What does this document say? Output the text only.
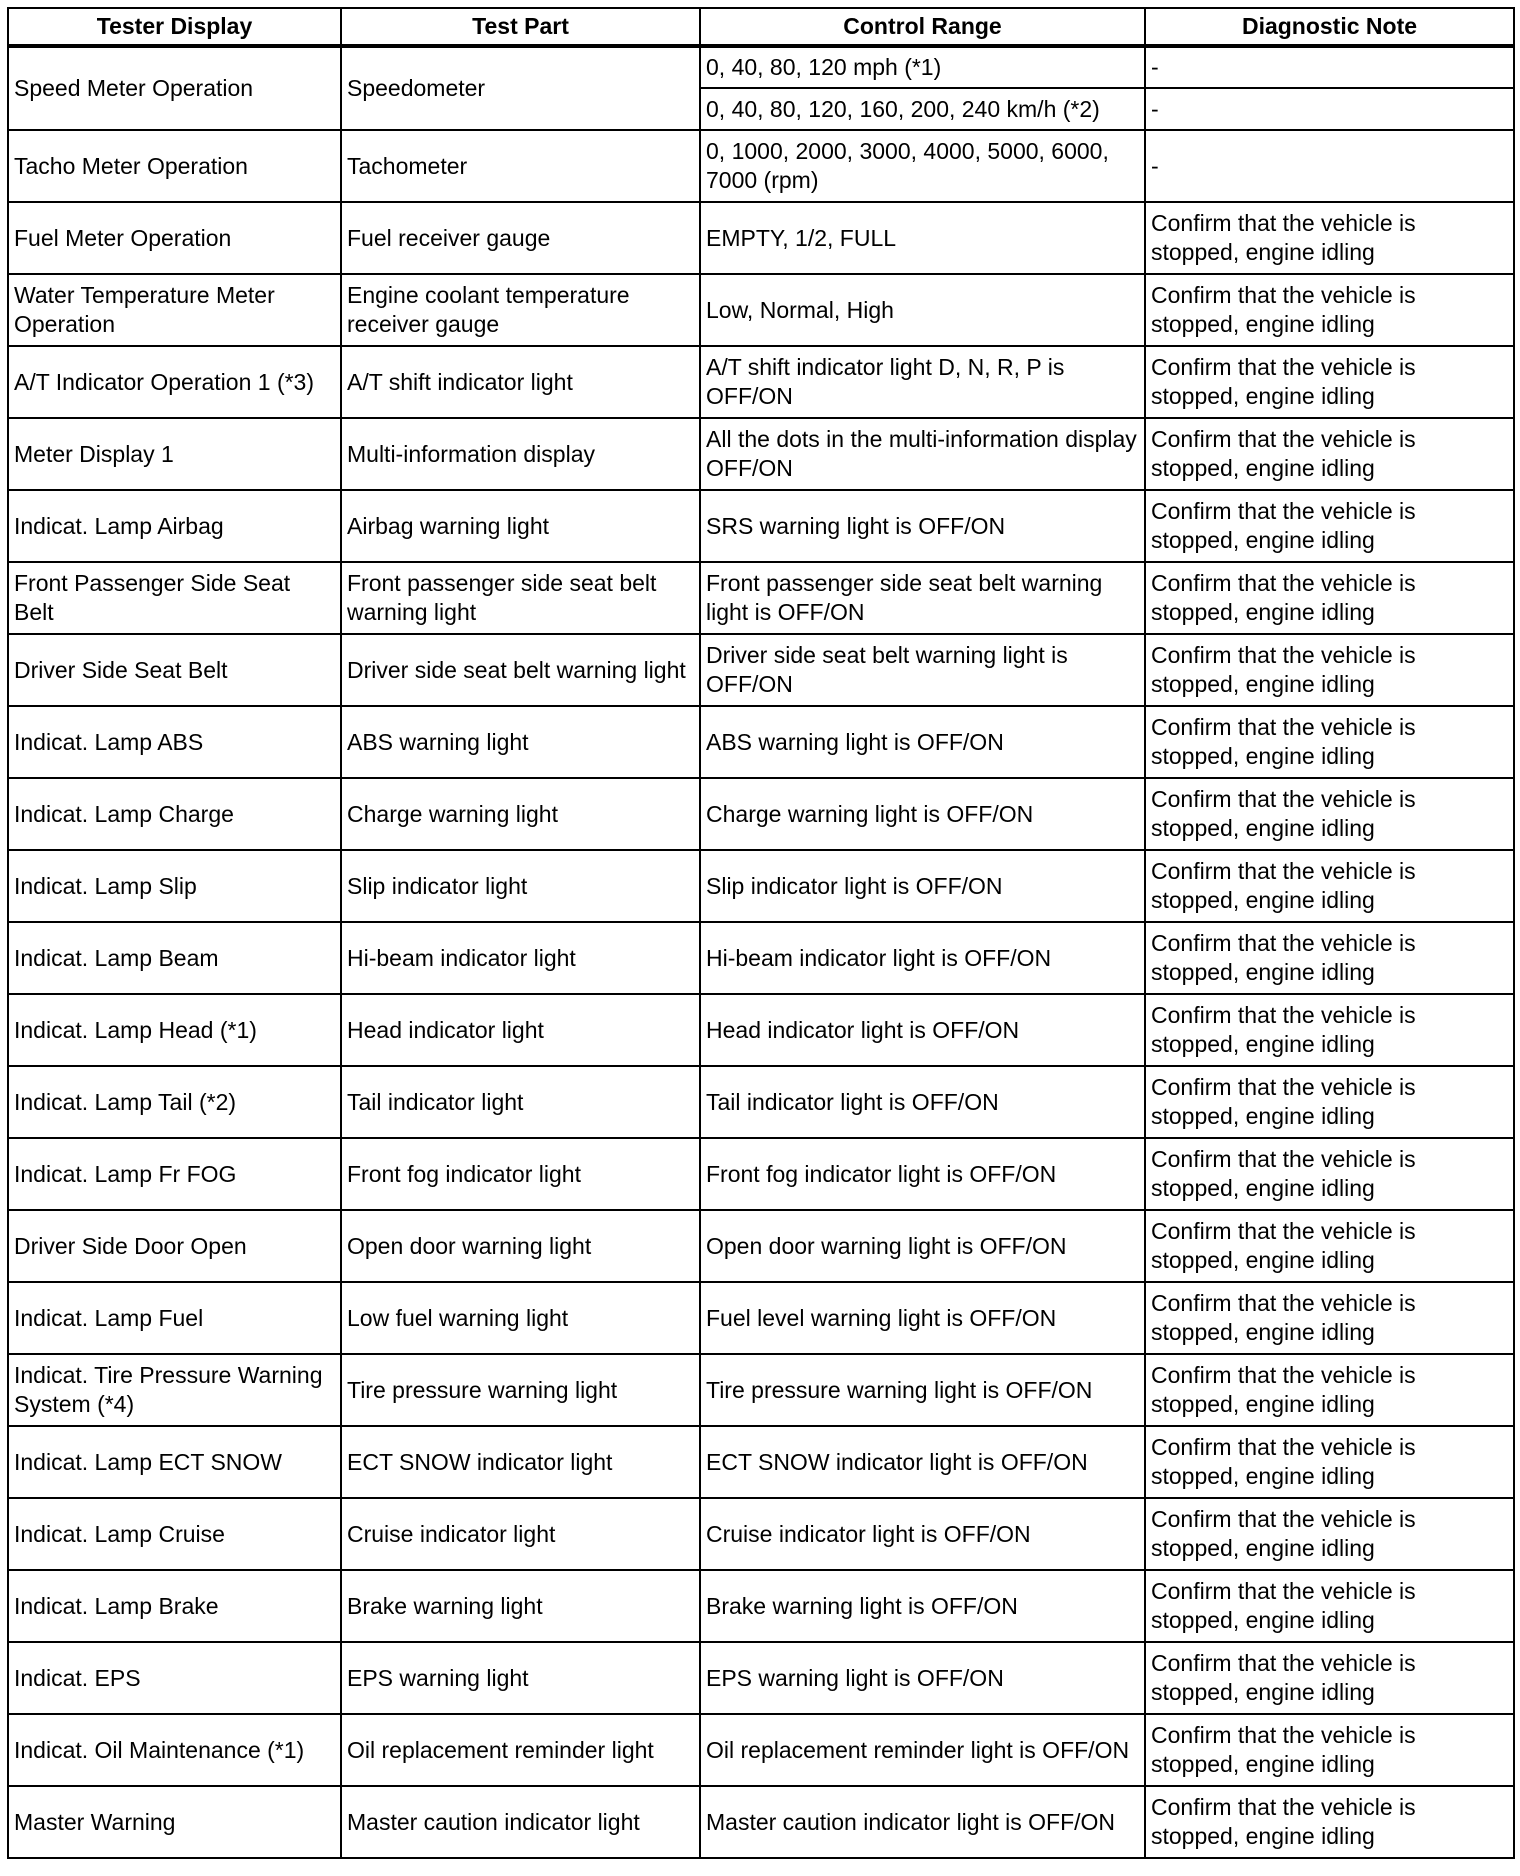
Tester Display	Test Part	Control Range	Diagnostic Note
Speed Meter Operation	Speedometer	0, 40, 80, 120 mph (*1)	-
		0, 40, 80, 120, 160, 200, 240 km/h (*2)	-
Tacho Meter Operation	Tachometer	0, 1000, 2000, 3000, 4000, 5000, 6000, 7000 (rpm)	-
Fuel Meter Operation	Fuel receiver gauge	EMPTY, 1/2, FULL	Confirm that the vehicle is stopped, engine idling
Water Temperature Meter Operation	Engine coolant temperature receiver gauge	Low, Normal, High	Confirm that the vehicle is stopped, engine idling
A/T Indicator Operation 1 (*3)	A/T shift indicator light	A/T shift indicator light D, N, R, P is OFF/ON	Confirm that the vehicle is stopped, engine idling
Meter Display 1	Multi-information display	All the dots in the multi-information display OFF/ON	Confirm that the vehicle is stopped, engine idling
Indicat. Lamp Airbag	Airbag warning light	SRS warning light is OFF/ON	Confirm that the vehicle is stopped, engine idling
Front Passenger Side Seat Belt	Front passenger side seat belt warning light	Front passenger side seat belt warning light is OFF/ON	Confirm that the vehicle is stopped, engine idling
Driver Side Seat Belt	Driver side seat belt warning light	Driver side seat belt warning light is OFF/ON	Confirm that the vehicle is stopped, engine idling
Indicat. Lamp ABS	ABS warning light	ABS warning light is OFF/ON	Confirm that the vehicle is stopped, engine idling
Indicat. Lamp Charge	Charge warning light	Charge warning light is OFF/ON	Confirm that the vehicle is stopped, engine idling
Indicat. Lamp Slip	Slip indicator light	Slip indicator light is OFF/ON	Confirm that the vehicle is stopped, engine idling
Indicat. Lamp Beam	Hi-beam indicator light	Hi-beam indicator light is OFF/ON	Confirm that the vehicle is stopped, engine idling
Indicat. Lamp Head (*1)	Head indicator light	Head indicator light is OFF/ON	Confirm that the vehicle is stopped, engine idling
Indicat. Lamp Tail (*2)	Tail indicator light	Tail indicator light is OFF/ON	Confirm that the vehicle is stopped, engine idling
Indicat. Lamp Fr FOG	Front fog indicator light	Front fog indicator light is OFF/ON	Confirm that the vehicle is stopped, engine idling
Driver Side Door Open	Open door warning light	Open door warning light is OFF/ON	Confirm that the vehicle is stopped, engine idling
Indicat. Lamp Fuel	Low fuel warning light	Fuel level warning light is OFF/ON	Confirm that the vehicle is stopped, engine idling
Indicat. Tire Pressure Warning System (*4)	Tire pressure warning light	Tire pressure warning light is OFF/ON	Confirm that the vehicle is stopped, engine idling
Indicat. Lamp ECT SNOW	ECT SNOW indicator light	ECT SNOW indicator light is OFF/ON	Confirm that the vehicle is stopped, engine idling
Indicat. Lamp Cruise	Cruise indicator light	Cruise indicator light is OFF/ON	Confirm that the vehicle is stopped, engine idling
Indicat. Lamp Brake	Brake warning light	Brake warning light is OFF/ON	Confirm that the vehicle is stopped, engine idling
Indicat. EPS	EPS warning light	EPS warning light is OFF/ON	Confirm that the vehicle is stopped, engine idling
Indicat. Oil Maintenance (*1)	Oil replacement reminder light	Oil replacement reminder light is OFF/ON	Confirm that the vehicle is stopped, engine idling
Master Warning	Master caution indicator light	Master caution indicator light is OFF/ON	Confirm that the vehicle is stopped, engine idling
